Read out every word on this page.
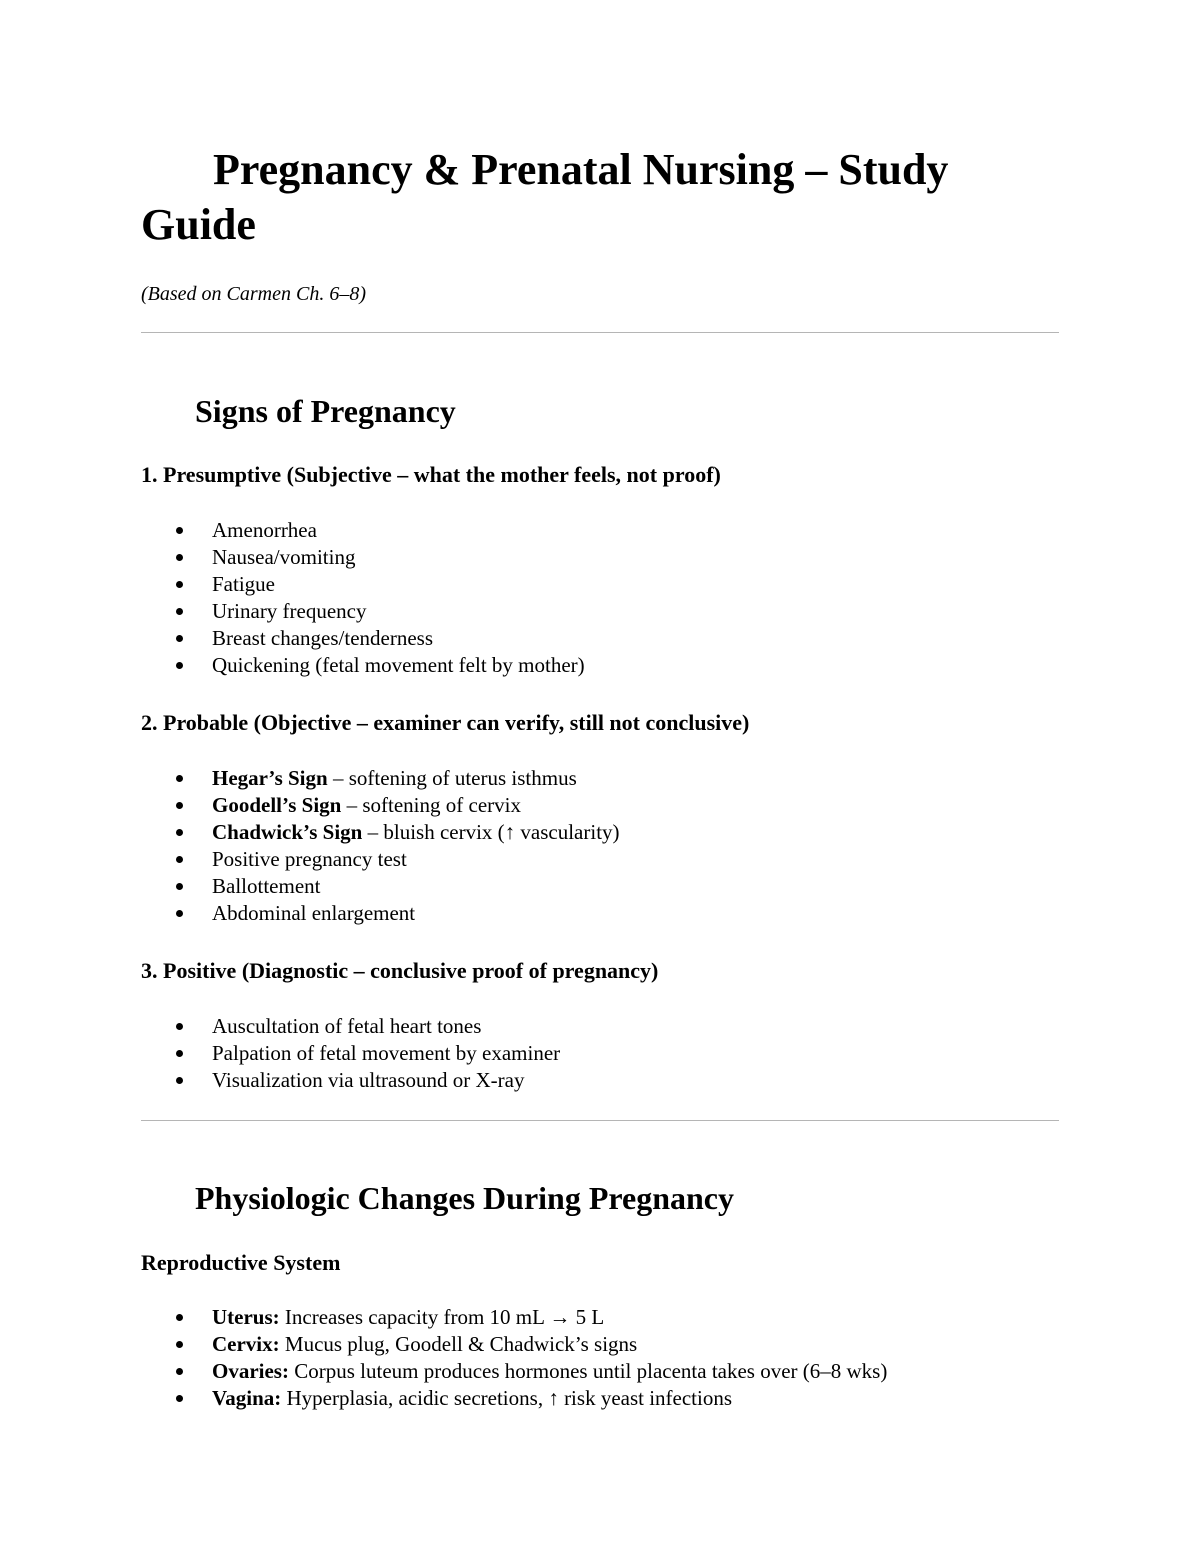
Pregnancy & Prenatal Nursing – Study Guide

(Based on Carmen Ch. 6–8)

Signs of Pregnancy
1. Presumptive (Subjective – what the mother feels, not proof)
Amenorrhea
Nausea/vomiting
Fatigue
Urinary frequency
Breast changes/tenderness
Quickening (fetal movement felt by mother)
2. Probable (Objective – examiner can verify, still not conclusive)
Hegar’s Sign – softening of uterus isthmus
Goodell’s Sign – softening of cervix
Chadwick’s Sign – bluish cervix (↑ vascularity)
Positive pregnancy test
Ballottement
Abdominal enlargement
3. Positive (Diagnostic – conclusive proof of pregnancy)
Auscultation of fetal heart tones
Palpation of fetal movement by examiner
Visualization via ultrasound or X-ray
Physiologic Changes During Pregnancy
Reproductive System
Uterus: Increases capacity from 10 mL → 5 L
Cervix: Mucus plug, Goodell & Chadwick’s signs
Ovaries: Corpus luteum produces hormones until placenta takes over (6–8 wks)
Vagina: Hyperplasia, acidic secretions, ↑ risk yeast infections
